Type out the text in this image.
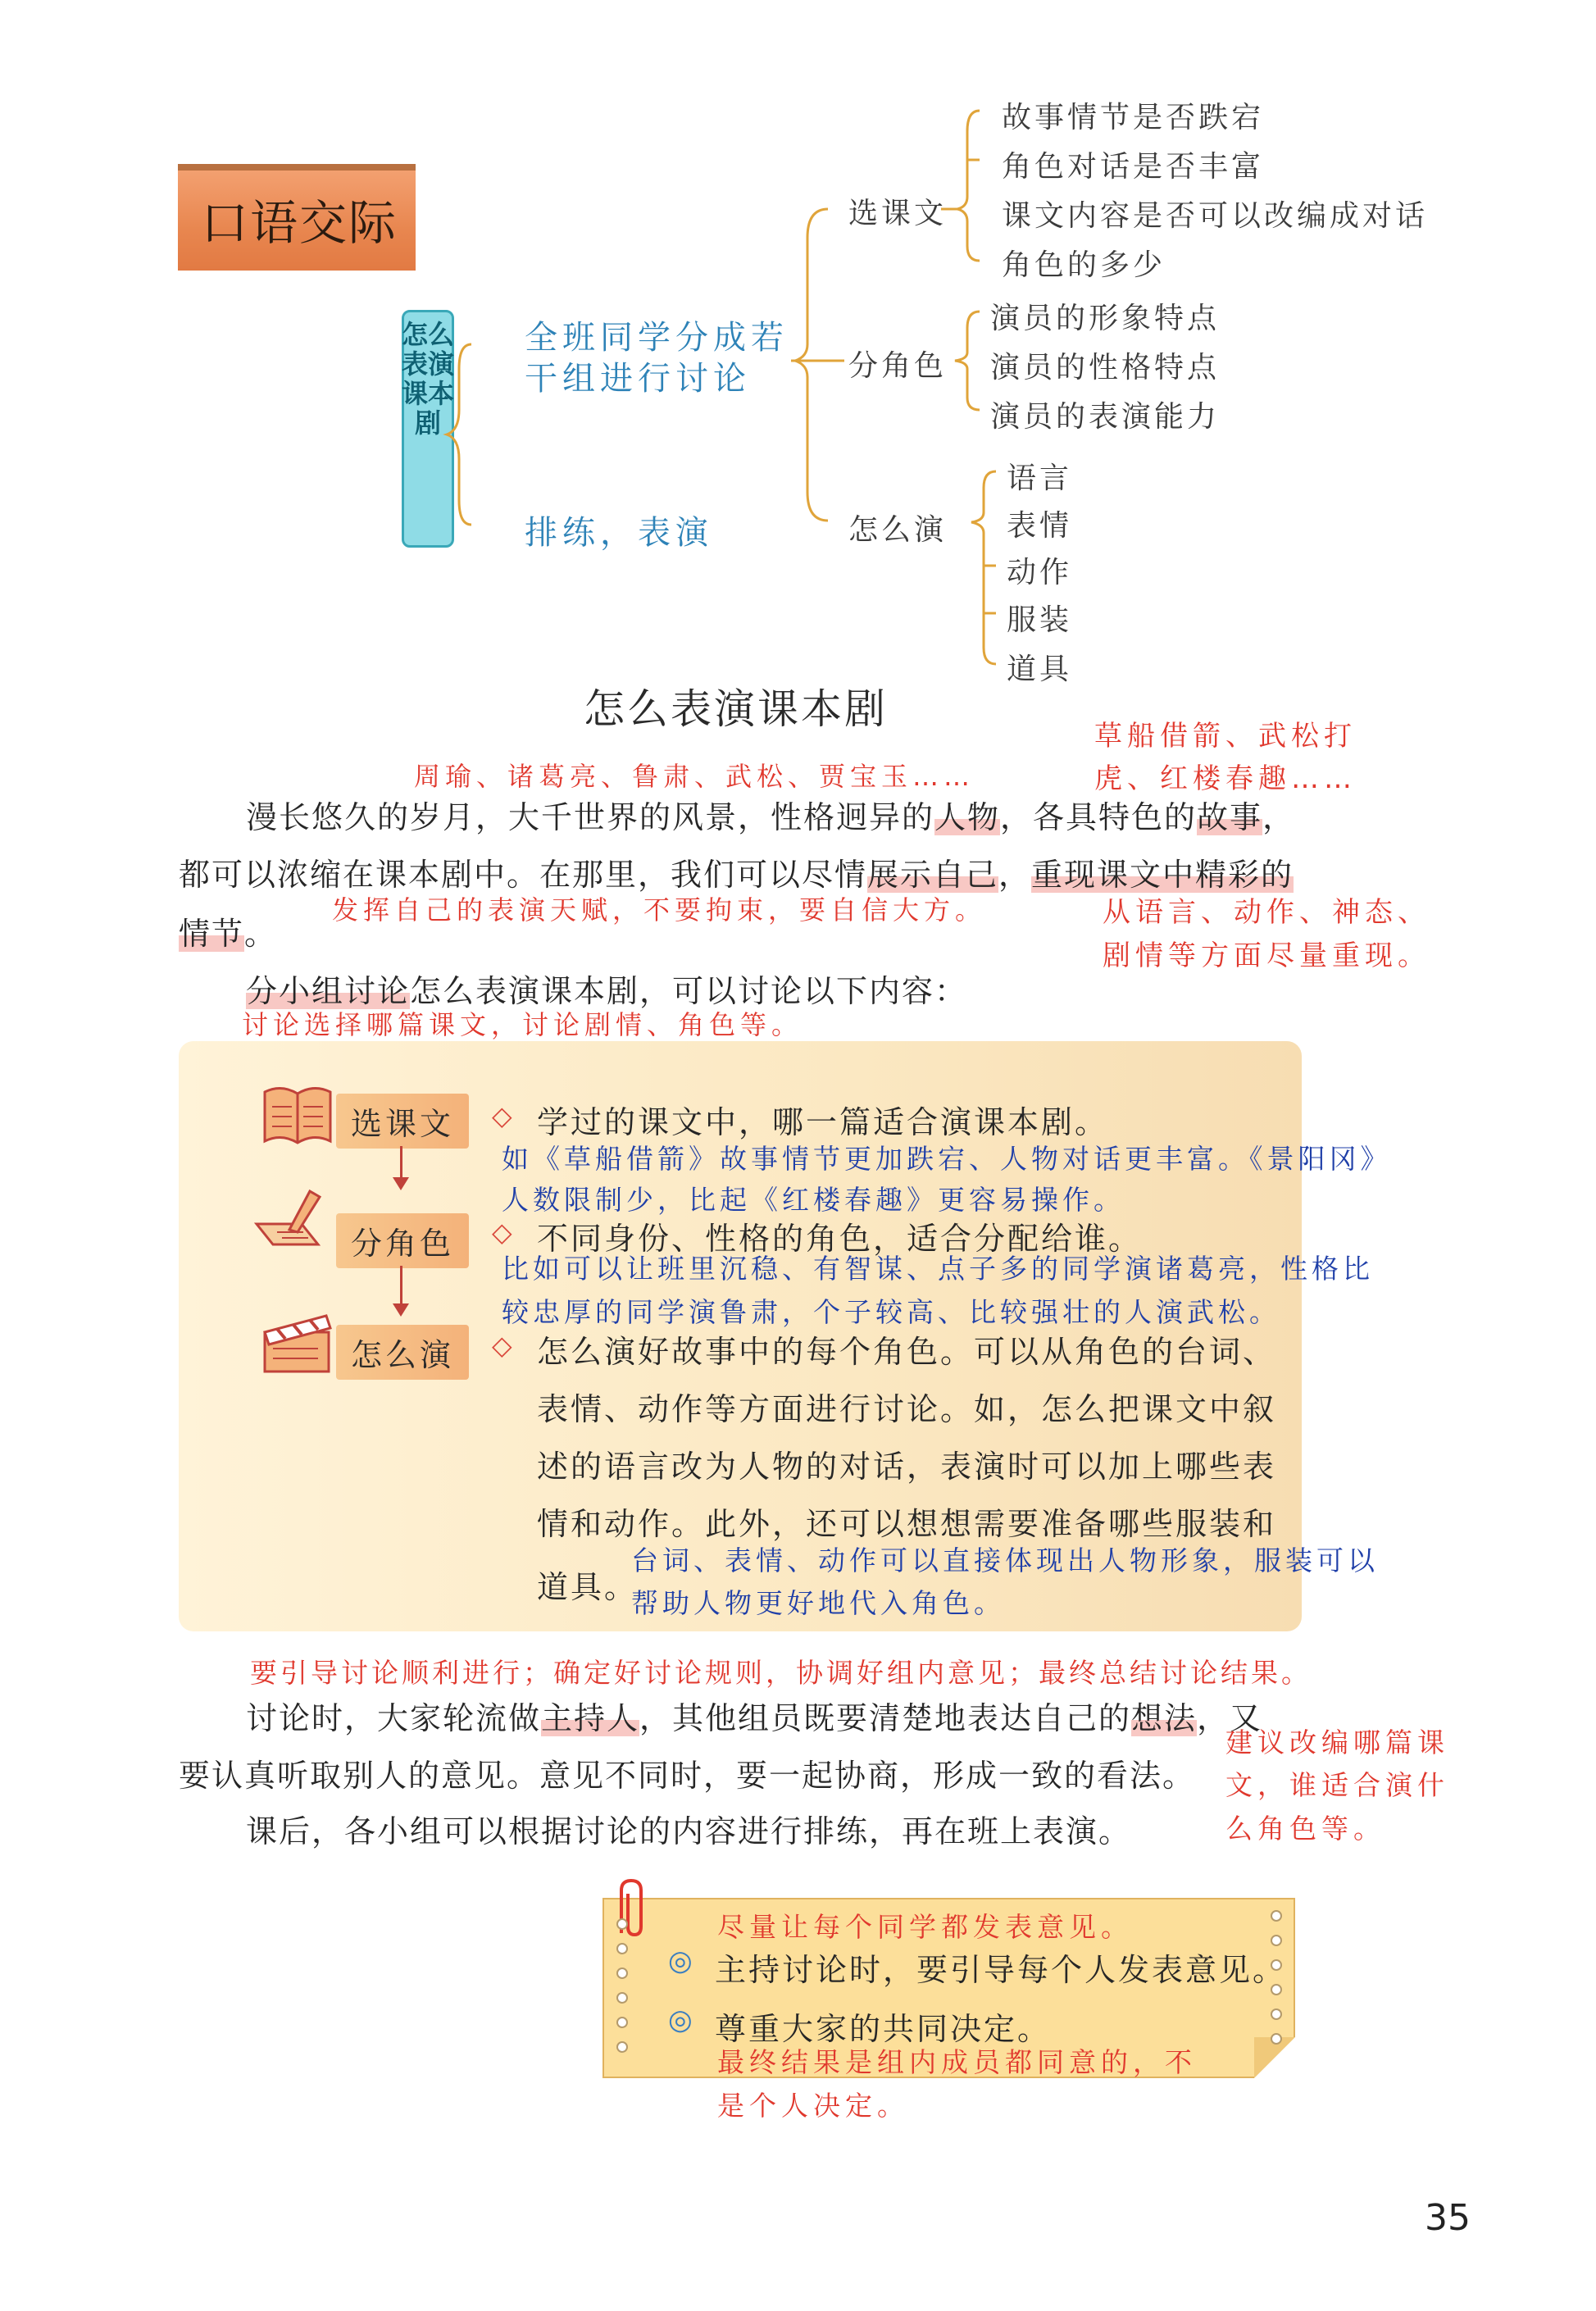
口语交际
怎么表演课本剧
全班同学分成若
干组进行讨论
排练，表演
选课文
分角色
怎么演
故事情节是否跌宕
角色对话是否丰富
课文内容是否可以改编成对话
角色的多少
演员的形象特点
演员的性格特点
演员的表演能力
语言
表情
动作
服装
道具
怎么表演课本剧
草船借箭、武松打
周瑜、诸葛亮、鲁肃、武松、贾宝玉……	虎、红楼春趣……
漫长悠久的岁月，大千世界的风景，性格迥异的人物，各具特色的故事，
都可以浓缩在课本剧中。在那里，我们可以尽情展示自己，重现课文中精彩的
发挥自己的表演天赋，不要拘束，要自信大方。	从语言、动作、神态、
情节。
剧情等方面尽量重现。
分小组讨论怎么表演课本剧，可以讨论以下内容：
讨论选择哪篇课文，讨论剧情、角色等。
选课文	◇ 学过的课文中，哪一篇适合演课本剧。
如《草船借箭》故事情节更加跌宕、人物对话更丰富。《景阳冈》
人数限制少，比起《红楼春趣》更容易操作。
分角色	◇ 不同身份、性格的角色，适合分配给谁。
比如可以让班里沉稳、有智谋、点子多的同学演诸葛亮，性格比
较忠厚的同学演鲁肃，个子较高、比较强壮的人演武松。
怎么演	◇ 怎么演好故事中的每个角色。可以从角色的台词、
表情、动作等方面进行讨论。如，怎么把课文中叙
述的语言改为人物的对话，表演时可以加上哪些表
情和动作。此外，还可以想想需要准备哪些服装和
道具。
台词、表情、动作可以直接体现出人物形象，服装可以
帮助人物更好地代入角色。
要引导讨论顺利进行；确定好讨论规则，协调好组内意见；最终总结讨论结果。
讨论时，大家轮流做主持人，其他组员既要清楚地表达自己的想法，又
建议改编哪篇课
要认真听取别人的意见。意见不同时，要一起协商，形成一致的看法。 文，谁适合演什
课后，各小组可以根据讨论的内容进行排练，再在班上表演。	么角色等。
尽量让每个同学都发表意见。
◎ 主持讨论时，要引导每个人发表意见。
◎ 尊重大家的共同决定。
最终结果是组内成员都同意的，不
是个人决定。
35
